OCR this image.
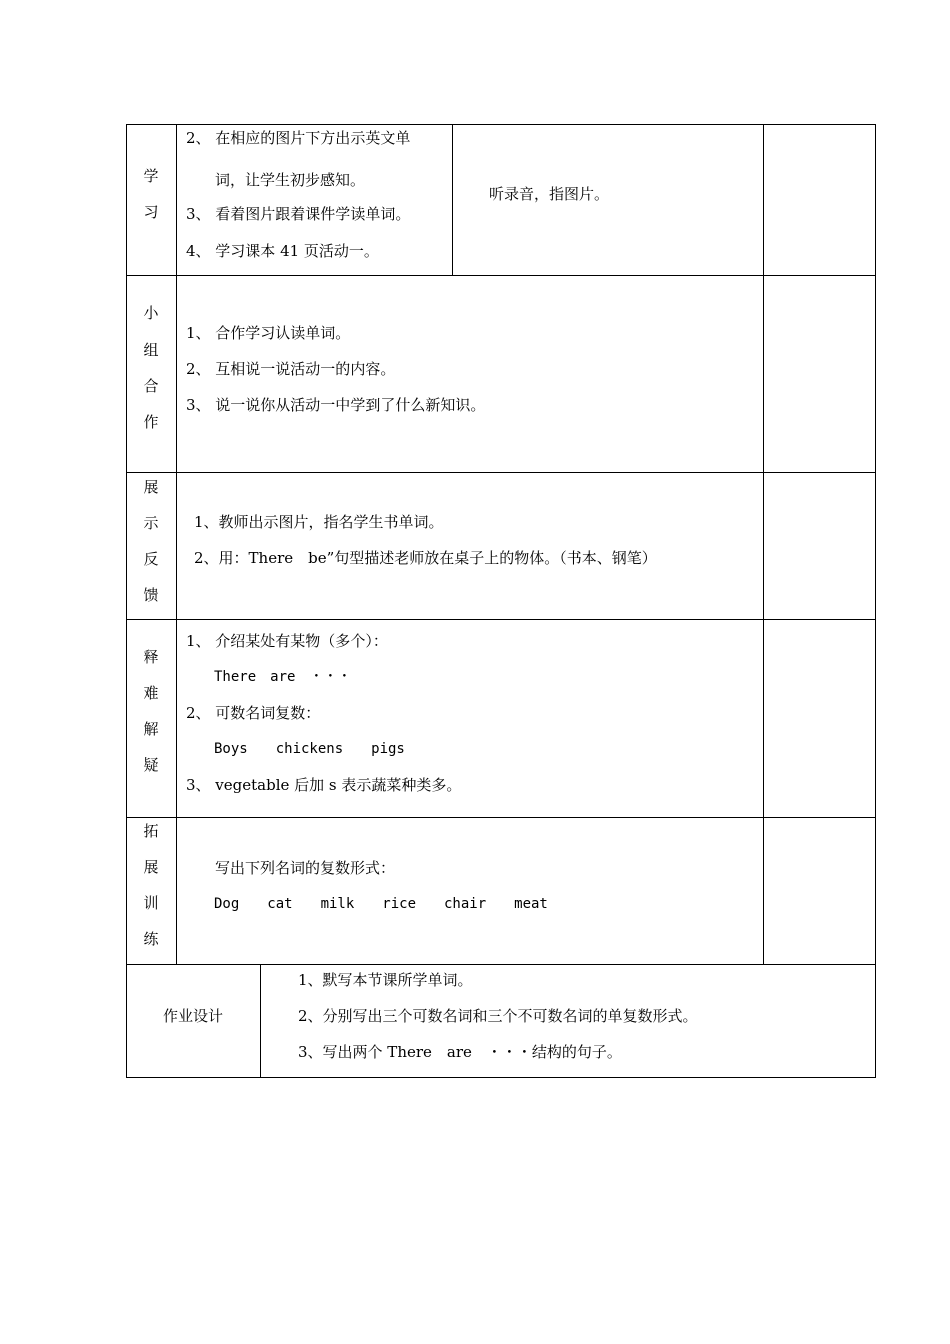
学
习
2、 在相应的图片下方出示英文单
词，让学生初步感知。
3、 看着图片跟着课件学读单词。
4、 学习课本 41 页活动一。
听录音，指图片。
小
组
合
作
1、 合作学习认读单词。
2、 互相说一说活动一的内容。
3、 说一说你从活动一中学到了什么新知识。
展
示
反
馈
1、教师出示图片，指名学生书单词。
2、用：There　be”句型描述老师放在桌子上的物体。（书本、钢笔）
释
难
解
疑
1、 介绍某处有某物（多个）：
There　are　・・・
2、 可数名词复数：
Boys　　chickens　　pigs
3、 vegetable 后加 s 表示蔬菜种类多。
拓
展
训
练
写出下列名词的复数形式：
Dog　　cat　　milk　　rice　　chair　　meat
作业设计
1、默写本节课所学单词。
2、分别写出三个可数名词和三个不可数名词的单复数形式。
3、写出两个 There　are　・・・结构的句子。
